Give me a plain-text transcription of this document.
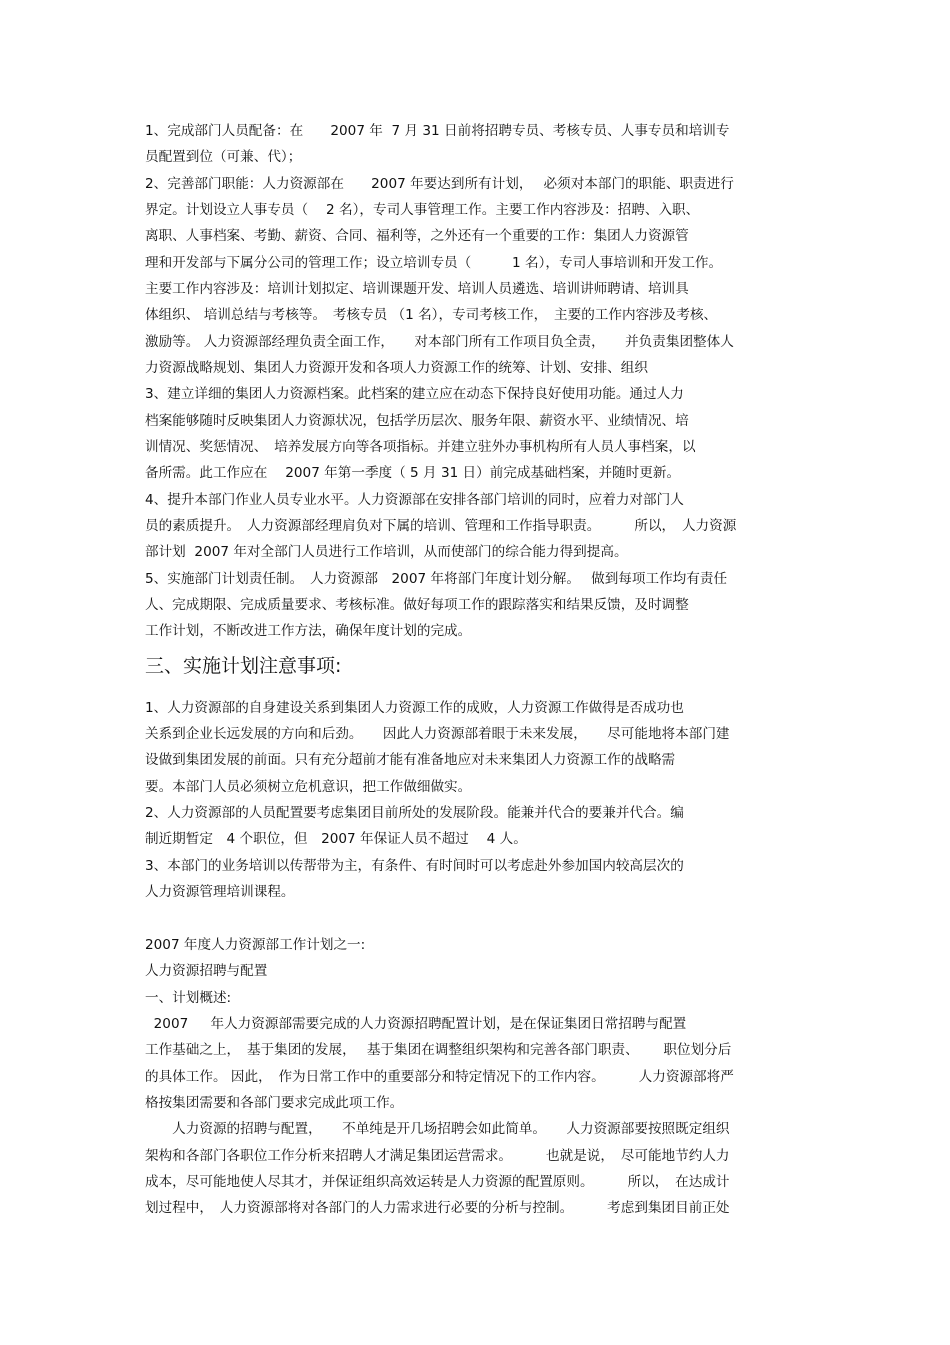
1、完成部门人员配备：在　　2007 年  7 月 31 日前将招聘专员、考核专员、人事专员和培训专

员配置到位（可兼、代）；

2、完善部门职能：人力资源部在　　2007 年要达到所有计划，　 必须对本部门的职能、职责进行

界定。计划设立人事专员（　 2 名），专司人事管理工作。主要工作内容涉及：招聘、入职、

离职、人事档案、考勤、薪资、合同、福利等，之外还有一个重要的工作：集团人力资源管

理和开发部与下属分公司的管理工作；设立培训专员（　　　1 名），专司人事培训和开发工作。

主要工作内容涉及：培训计划拟定、培训课题开发、培训人员遴选、培训讲师聘请、培训具

体组织、 培训总结与考核等。　考核专员 （1 名），专司考核工作，　主要的工作内容涉及考核、

激励等。 人力资源部经理负责全面工作，　　对本部门所有工作项目负全责，　　并负责集团整体人

力资源战略规划、集团人力资源开发和各项人力资源工作的统筹、计划、安排、组织

3、建立详细的集团人力资源档案。此档案的建立应在动态下保持良好使用功能。通过人力

档案能够随时反映集团人力资源状况，包括学历层次、服务年限、薪资水平、业绩情况、培

训情况、奖惩情况、　培养发展方向等各项指标。并建立驻外办事机构所有人员人事档案，以

备所需。此工作应在　 2007 年第一季度（ 5 月 31 日）前完成基础档案，并随时更新。

4、提升本部门作业人员专业水平。人力资源部在安排各部门培训的同时，应着力对部门人

员的素质提升。　人力资源部经理肩负对下属的培训、管理和工作指导职责。　　　所以，　人力资源

部计划  2007 年对全部门人员进行工作培训，从而使部门的综合能力得到提高。

5、实施部门计划责任制。　人力资源部　2007 年将部门年度计划分解。　 做到每项工作均有责任

人、完成期限、完成质量要求、考核标准。做好每项工作的跟踪落实和结果反馈，及时调整

工作计划，不断改进工作方法，确保年度计划的完成。

三、实施计划注意事项:

1、人力资源部的自身建设关系到集团人力资源工作的成败，人力资源工作做得是否成功也

关系到企业长远发展的方向和后劲。　　因此人力资源部着眼于未来发展，　　尽可能地将本部门建

设做到集团发展的前面。只有充分超前才能有准备地应对未来集团人力资源工作的战略需

要。本部门人员必须树立危机意识，把工作做细做实。

2、人力资源部的人员配置要考虑集团目前所处的发展阶段。能兼并代合的要兼并代合。编

制近期暂定　4 个职位，但　2007 年保证人员不超过　 4 人。

3、本部门的业务培训以传帮带为主，有条件、有时间时可以考虑赴外参加国内较高层次的

人力资源管理培训课程。

2007 年度人力资源部工作计划之一:

人力资源招聘与配置

一、计划概述:

2007　  年人力资源部需要完成的人力资源招聘配置计划，是在保证集团日常招聘与配置

工作基础之上，　基于集团的发展，　 基于集团在调整组织架构和完善各部门职责、　　 职位划分后

的具体工作。 因此，　作为日常工作中的重要部分和特定情况下的工作内容。　　　人力资源部将严

格按集团需要和各部门要求完成此项工作。

　　人力资源的招聘与配置，　　不单纯是开几场招聘会如此简单。　　人力资源部要按照既定组织

架构和各部门各职位工作分析来招聘人才满足集团运营需求。　　　也就是说，　尽可能地节约人力

成本，尽可能地使人尽其才，并保证组织高效运转是人力资源的配置原则。　　　所以，　在达成计

划过程中，　人力资源部将对各部门的人力需求进行必要的分析与控制。　　　考虑到集团目前正处
